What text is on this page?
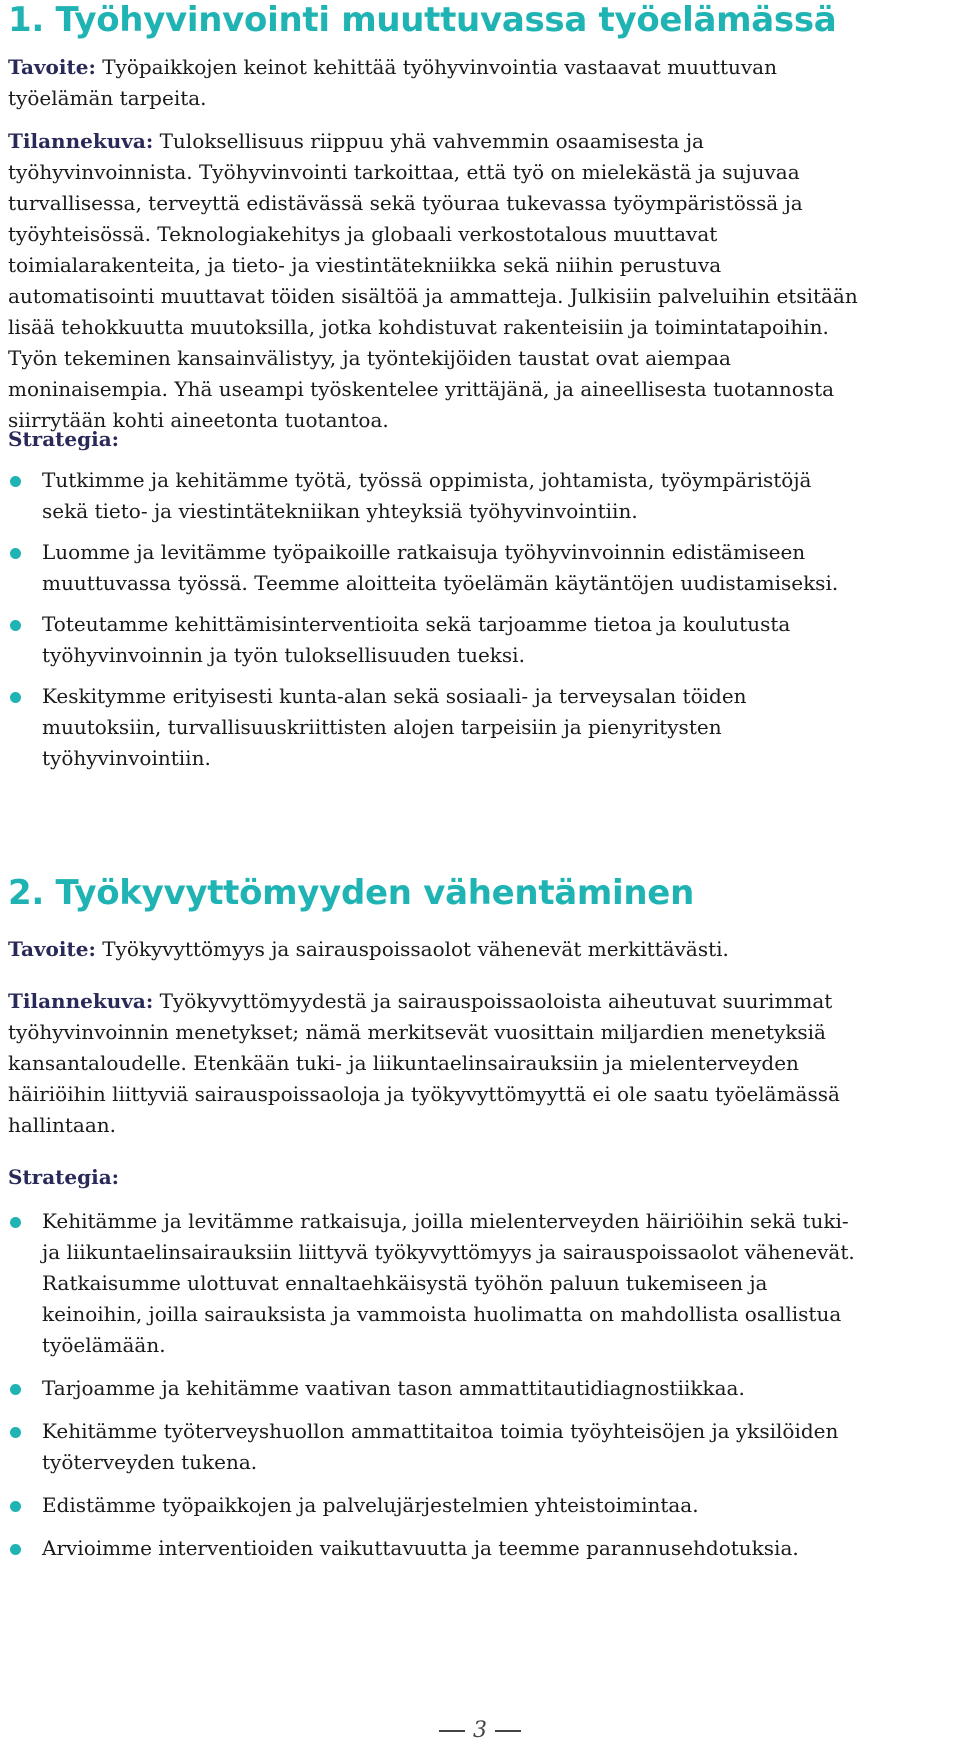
1. Työhyvinvointi muuttuvassa työelämässä

Tavoite: Työpaikkojen keinot kehittää työhyvinvointia vastaavat muuttuvan työelämän tarpeita.

Tilannekuva: Tuloksellisuus riippuu yhä vahvemmin osaamisesta ja työhyvinvoinnista. Työhyvinvointi tarkoittaa, että työ on mielekästä ja sujuvaa turvallisessa, terveyttä edistävässä sekä työuraa tukevassa työympäristössä ja työyhteisössä. Teknologiakehitys ja globaali verkostotalous muuttavat toimialarakenteita, ja tieto- ja viestintätekniikka sekä niihin perustuva automatisointi muuttavat töiden sisältöä ja ammatteja. Julkisiin palveluihin etsitään lisää tehokkuutta muutoksilla, jotka kohdistuvat rakenteisiin ja toimintatapoihin. Työn tekeminen kansainvälistyy, ja työntekijöiden taustat ovat aiempaa moninaisempia. Yhä useampi työskentelee yrittäjänä, ja aineellisesta tuotannosta siirrytään kohti aineetonta tuotantoa.

Strategia:

Tutkimme ja kehitämme työtä, työssä oppimista, johtamista, työympäristöjä sekä tieto- ja viestintätekniikan yhteyksiä työhyvinvointiin.
Luomme ja levitämme työpaikoille ratkaisuja työhyvinvoinnin edistämiseen muuttuvassa työssä. Teemme aloitteita työelämän käytäntöjen uudistamiseksi.
Toteutamme kehittämisinterventioita sekä tarjoamme tietoa ja koulutusta työhyvinvoinnin ja työn tuloksellisuuden tueksi.
Keskitymme erityisesti kunta-alan sekä sosiaali- ja terveysalan töiden muutoksiin, turvallisuuskriittisten alojen tarpeisiin ja pienyritysten työhyvinvointiin.
2. Työkyvyttömyyden vähentäminen

Tavoite: Työkyvyttömyys ja sairauspoissaolot vähenevät merkittävästi.

Tilannekuva: Työkyvyttömyydestä ja sairauspoissaoloista aiheutuvat suurimmat työhyvinvoinnin menetykset; nämä merkitsevät vuosittain miljardien menetyksiä kansantaloudelle. Etenkään tuki- ja liikuntaelinsairauksiin ja mielenterveyden häiriöihin liittyviä sairauspoissaoloja ja työkyvyttömyyttä ei ole saatu työelämässä hallintaan.

Strategia:

Kehitämme ja levitämme ratkaisuja, joilla mielenterveyden häiriöihin sekä tuki- ja liikuntaelinsairauksiin liittyvä työkyvyttömyys ja sairauspoissaolot vähenevät. Ratkaisumme ulottuvat ennaltaehkäisystä työhön paluun tukemiseen ja keinoihin, joilla sairauksista ja vammoista huolimatta on mahdollista osallistua työelämään.
Tarjoamme ja kehitämme vaativan tason ammattitautidiagnostiikkaa.
Kehitämme työterveyshuollon ammattitaitoa toimia työyhteisöjen ja yksilöiden työterveyden tukena.
Edistämme työpaikkojen ja palvelujärjestelmien yhteistoimintaa.
Arvioimme interventioiden vaikuttavuutta ja teemme parannusehdotuksia.
3
